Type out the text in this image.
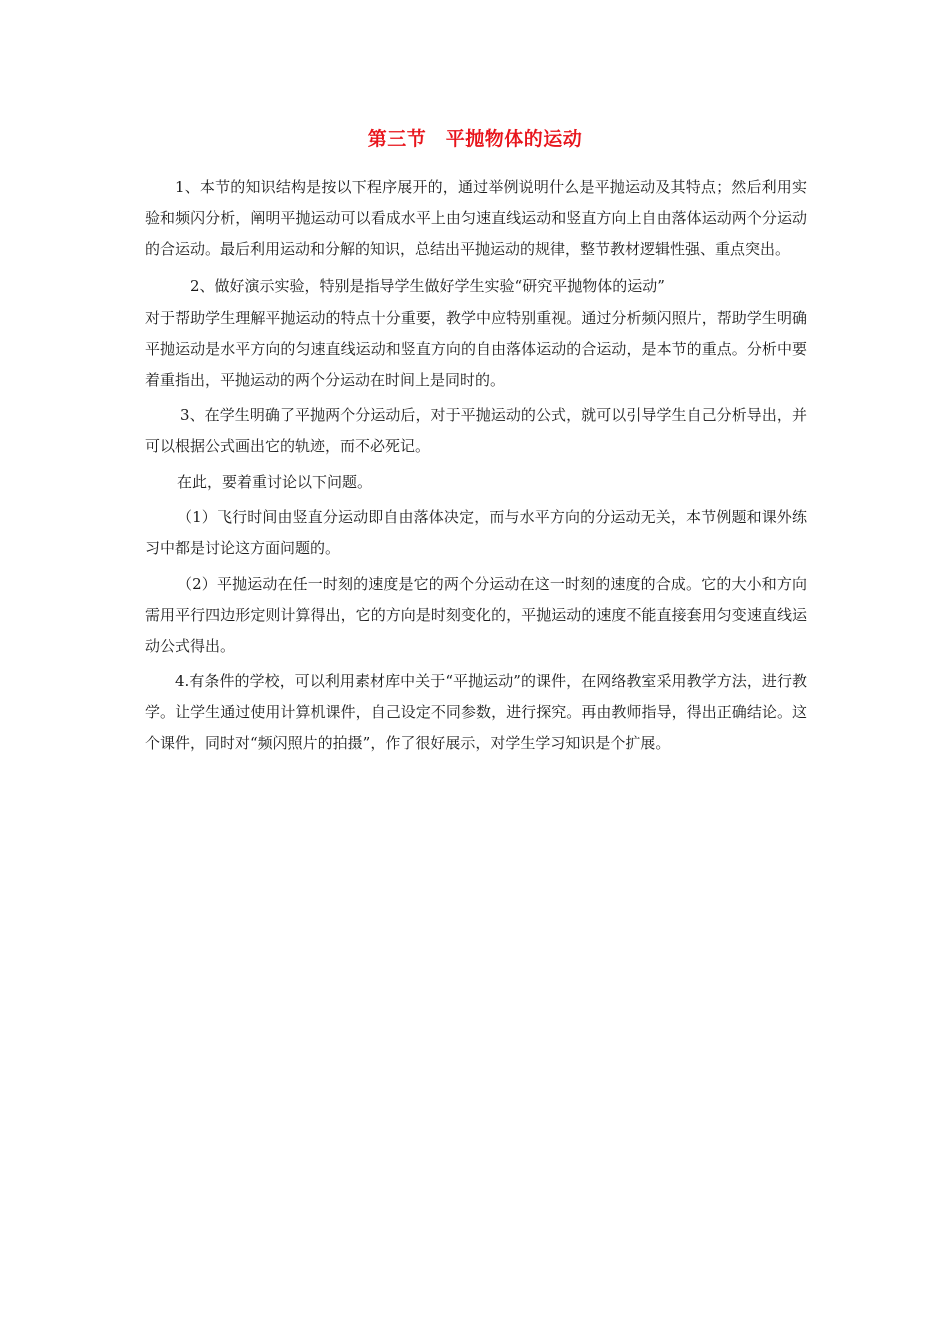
第三节　平抛物体的运动

1、本节的知识结构是按以下程序展开的，通过举例说明什么是平抛运动及其特点；然后利用实验和频闪分析，阐明平抛运动可以看成水平上由匀速直线运动和竖直方向上自由落体运动两个分运动的合运动。最后利用运动和分解的知识，总结出平抛运动的规律，整节教材逻辑性强、重点突出。

2、做好演示实验，特别是指导学生做好学生实验“研究平抛物体的运动”

对于帮助学生理解平抛运动的特点十分重要，教学中应特别重视。通过分析频闪照片，帮助学生明确平抛运动是水平方向的匀速直线运动和竖直方向的自由落体运动的合运动，是本节的重点。分析中要着重指出，平抛运动的两个分运动在时间上是同时的。

3、在学生明确了平抛两个分运动后，对于平抛运动的公式，就可以引导学生自己分析导出，并可以根据公式画出它的轨迹，而不必死记。

在此，要着重讨论以下问题。

（1）飞行时间由竖直分运动即自由落体决定，而与水平方向的分运动无关，本节例题和课外练习中都是讨论这方面问题的。

（2）平抛运动在任一时刻的速度是它的两个分运动在这一时刻的速度的合成。它的大小和方向需用平行四边形定则计算得出，它的方向是时刻变化的，平抛运动的速度不能直接套用匀变速直线运动公式得出。

4.有条件的学校，可以利用素材库中关于“平抛运动”的课件，在网络教室采用教学方法，进行教学。让学生通过使用计算机课件，自己设定不同参数，进行探究。再由教师指导，得出正确结论。这个课件，同时对“频闪照片的拍摄”，作了很好展示，对学生学习知识是个扩展。
